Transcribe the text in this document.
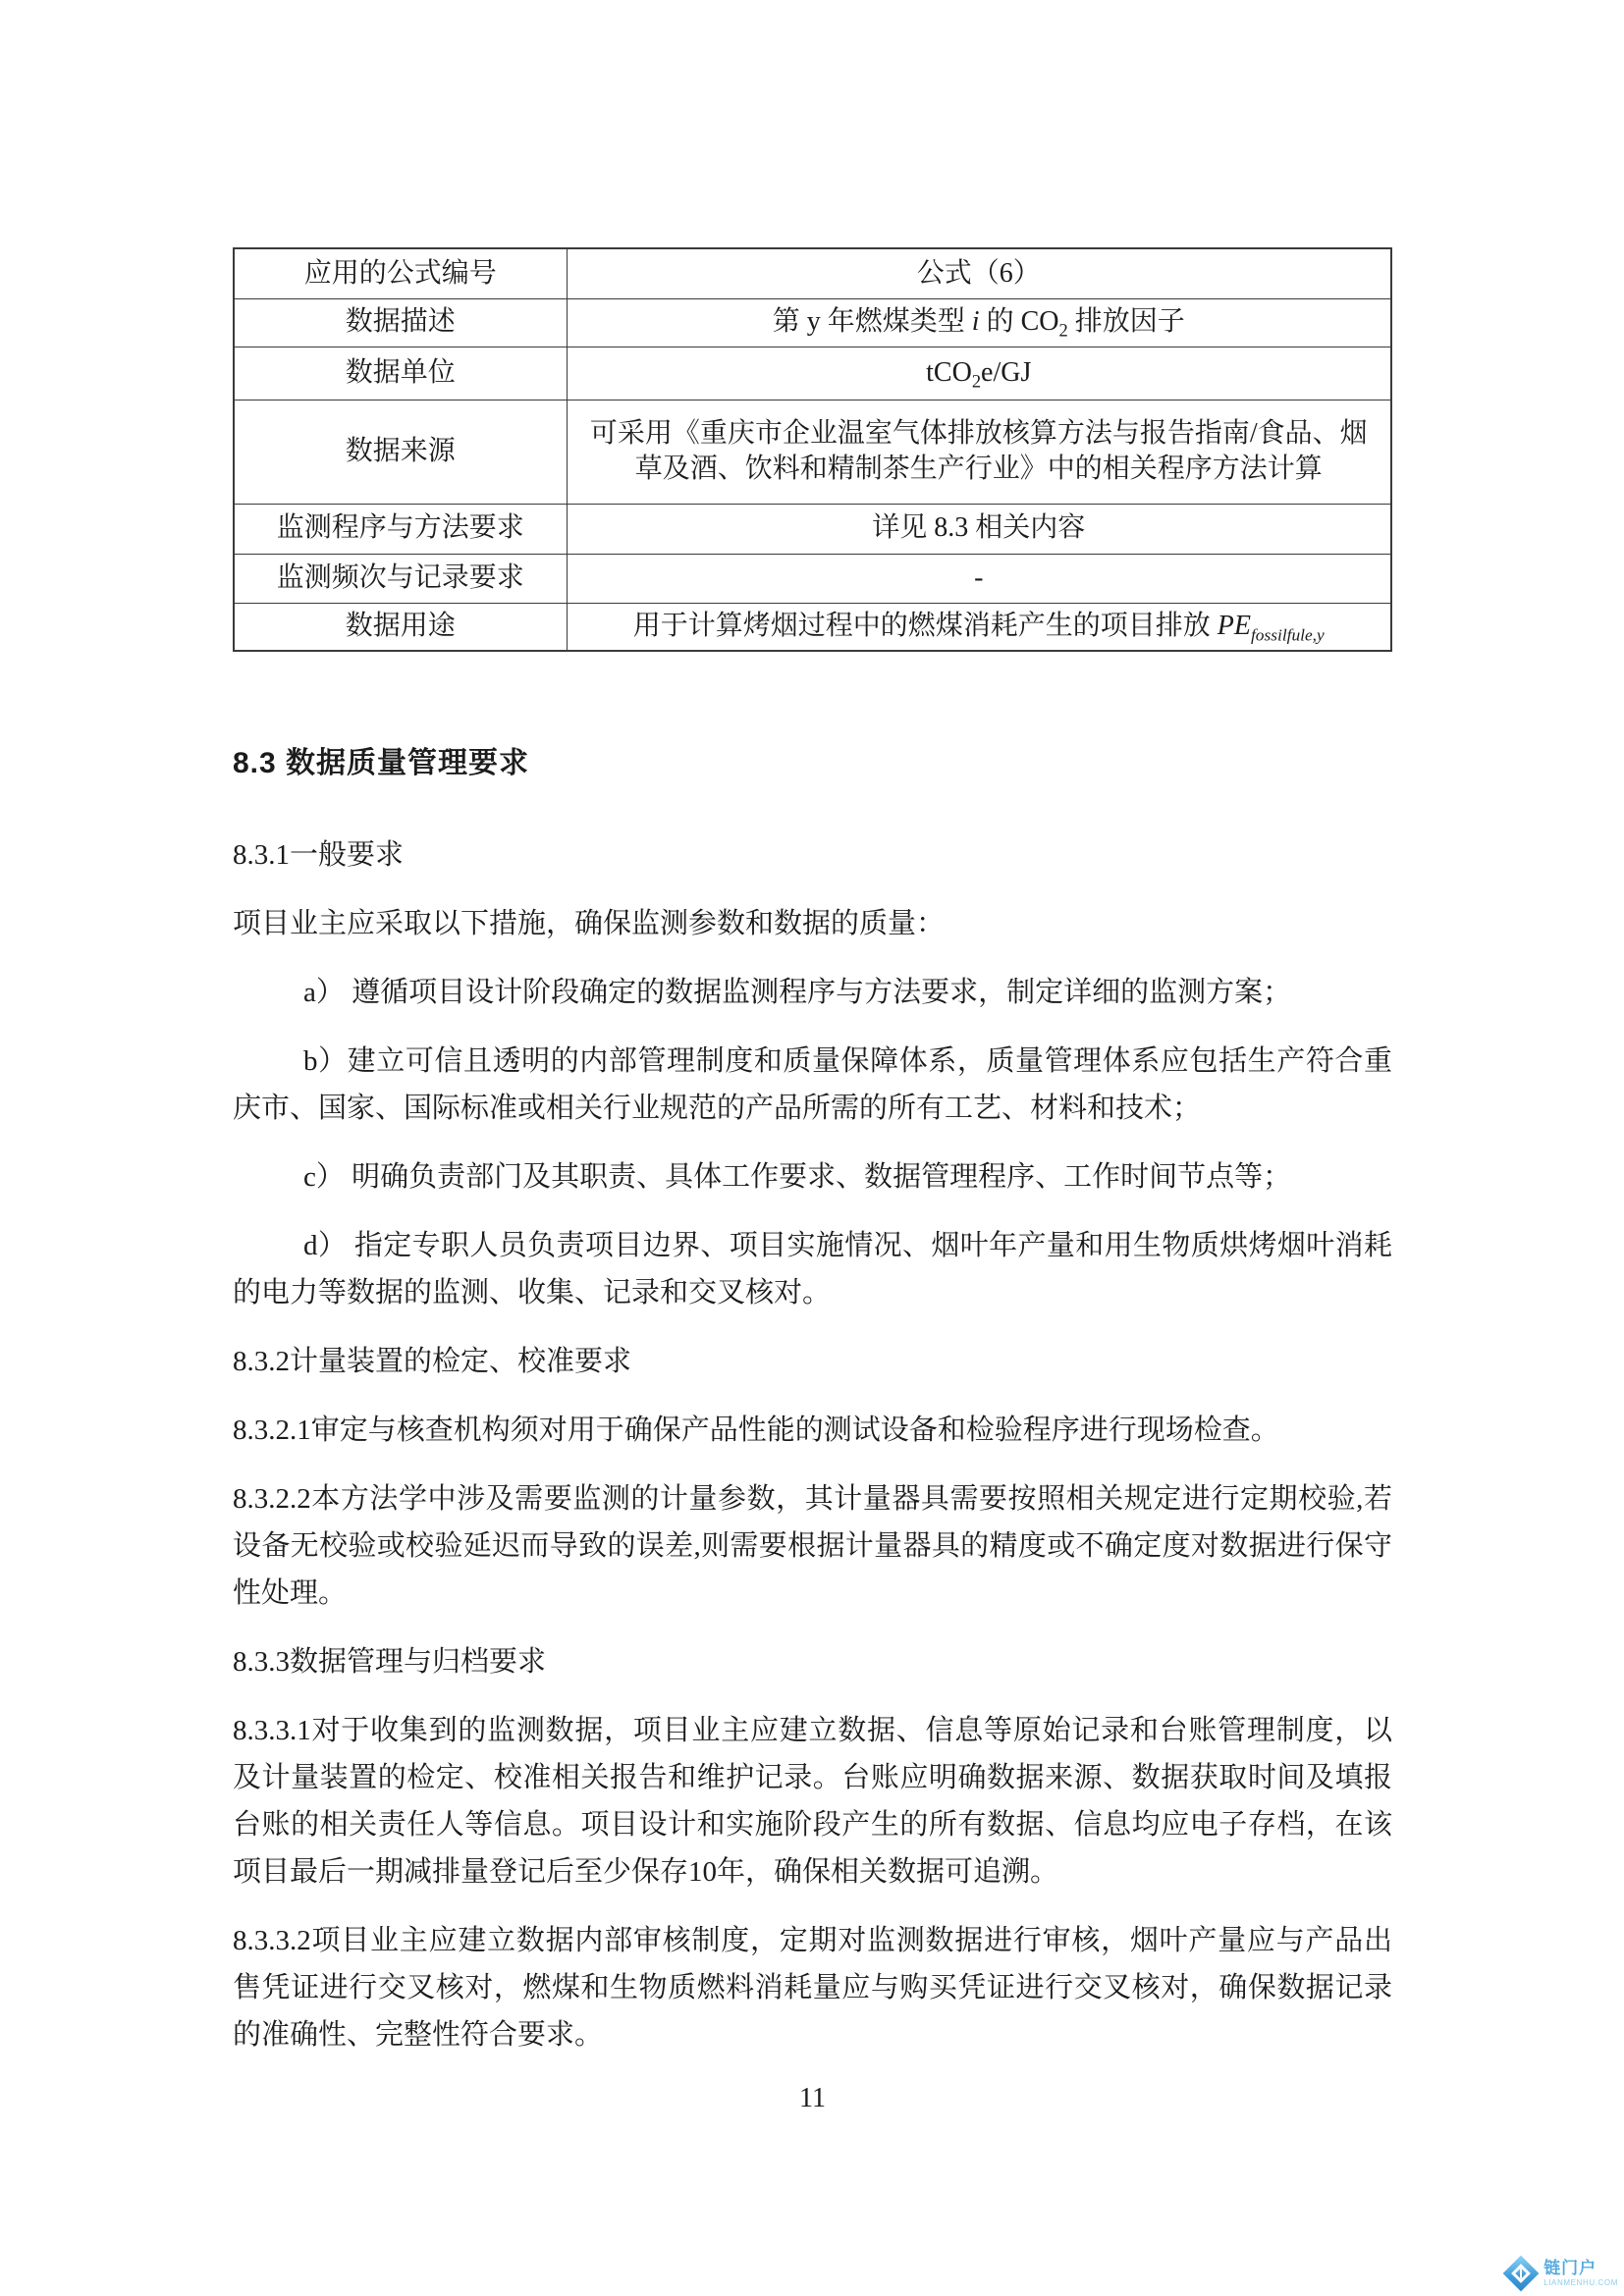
应用的公式编号	公式（6）
数据描述	第 y 年燃煤类型 i 的 $CO_2$ 排放因子
数据单位	tCO$_2$e/GJ
数据来源	可采用《重庆市企业温室气体排放核算方法与报告指南/食品、烟草及酒、饮料和精制茶生产行业》中的相关程序方法计算
监测程序与方法要求	详见 8.3 相关内容
监测频次与记录要求	-
数据用途	用于计算烤烟过程中的燃煤消耗产生的项目排放 $PE_{fossilfule,y}$
8.3 数据质量管理要求
8.3.1一般要求
项目业主应采取以下措施，确保监测参数和数据的质量：
a） 遵循项目设计阶段确定的数据监测程序与方法要求，制定详细的监测方案；
b）建立可信且透明的内部管理制度和质量保障体系，质量管理体系应包括生产符合重庆市、国家、国际标准或相关行业规范的产品所需的所有工艺、材料和技术；
c） 明确负责部门及其职责、具体工作要求、数据管理程序、工作时间节点等；
d） 指定专职人员负责项目边界、项目实施情况、烟叶年产量和用生物质烘烤烟叶消耗的电力等数据的监测、收集、记录和交叉核对。
8.3.2计量装置的检定、校准要求
8.3.2.1审定与核查机构须对用于确保产品性能的测试设备和检验程序进行现场检查。
8.3.2.2本方法学中涉及需要监测的计量参数，其计量器具需要按照相关规定进行定期校验,若设备无校验或校验延迟而导致的误差,则需要根据计量器具的精度或不确定度对数据进行保守性处理。
8.3.3数据管理与归档要求
8.3.3.1对于收集到的监测数据，项目业主应建立数据、信息等原始记录和台账管理制度，以及计量装置的检定、校准相关报告和维护记录。台账应明确数据来源、数据获取时间及填报台账的相关责任人等信息。项目设计和实施阶段产生的所有数据、信息均应电子存档，在该项目最后一期减排量登记后至少保存10年，确保相关数据可追溯。
8.3.3.2项目业主应建立数据内部审核制度，定期对监测数据进行审核，烟叶产量应与产品出售凭证进行交叉核对，燃煤和生物质燃料消耗量应与购买凭证进行交叉核对，确保数据记录的准确性、完整性符合要求。
11
链门户
LIANMENHU.COM
